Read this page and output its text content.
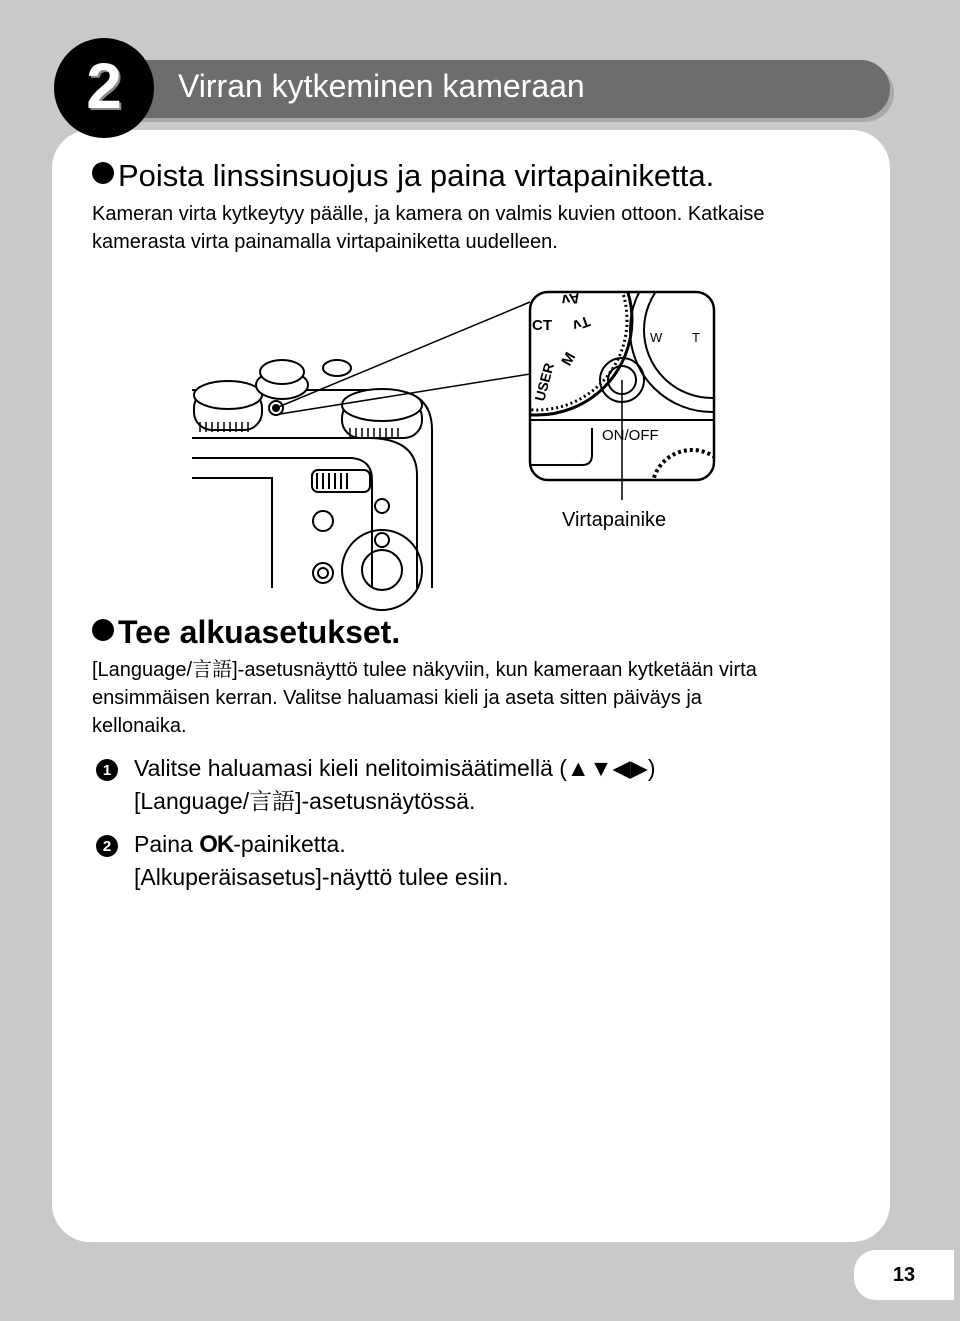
2 Virran kytkeminen kameraan
Poista linssinsuojus ja paina virtapainiketta.

Kameran virta kytkeytyy päälle, ja kamera on valmis kuvien ottoon. Katkaise
kamerasta virta painamalla virtapainiketta uudelleen.

CT Tv
Av
M
USER
W T
ON/OFF
Virtapainike
Tee alkuasetukset.

[Language/言語]-asetusnäyttö tulee näkyviin, kun kameraan kytketään virta
ensimmäisen kerran. Valitse haluamasi kieli ja aseta sitten päiväys ja
kellonaika.

1 Valitse haluamasi kieli nelitoimisäätimellä (▲▼◀▶)
[Language/言語]-asetusnäytössä.
2 Paina OK-painiketta.
[Alkuperäisasetus]-näyttö tulee esiin.
13
